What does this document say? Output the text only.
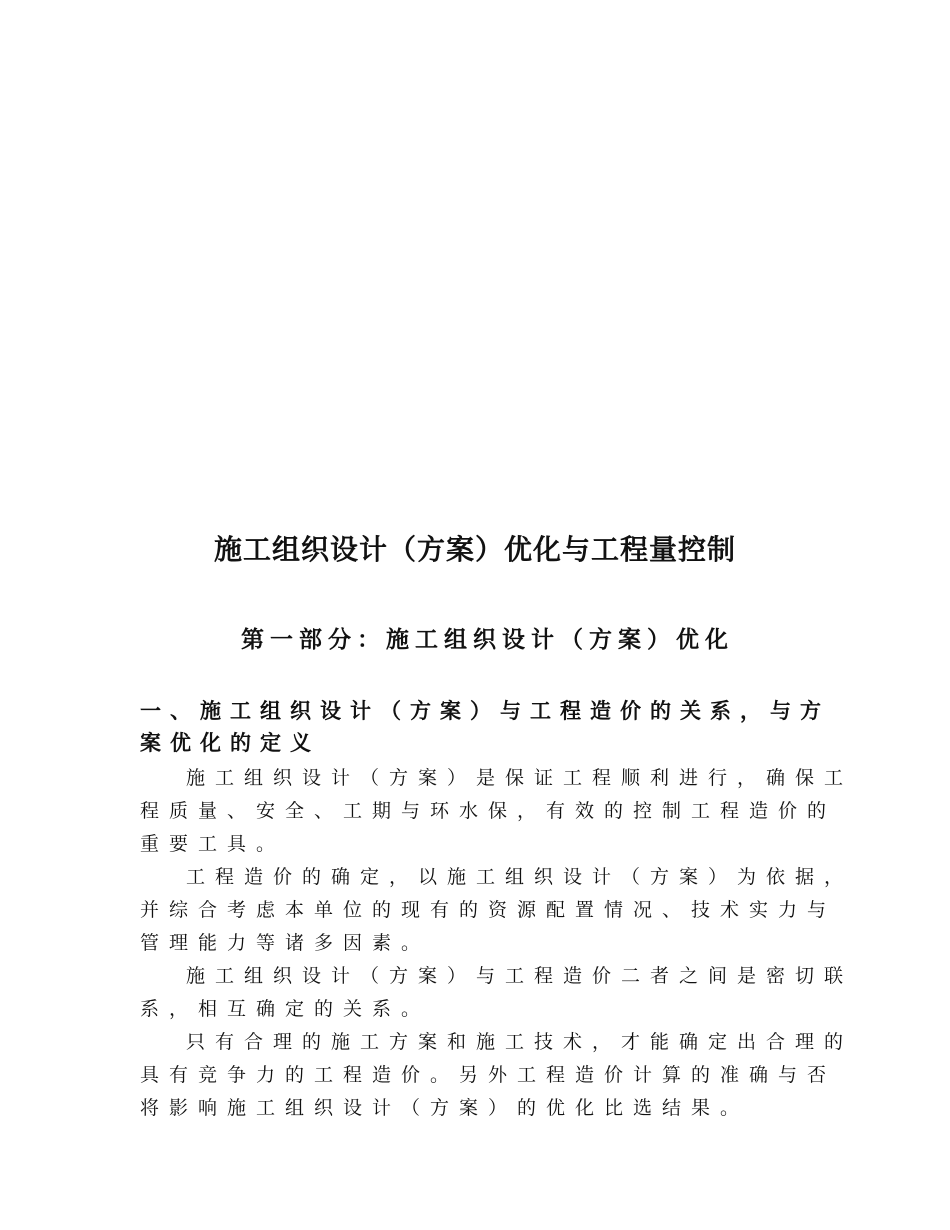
施工组织设计（方案）优化与工程量控制
第一部分：施工组织设计（方案）优化
一、施工组织设计（方案）与工程造价的关系，与方案优化的定义

施工组织设计（方案）是保证工程顺利进行，确保工程质量、安全、工期与环水保，有效的控制工程造价的重要工具。

工程造价的确定，以施工组织设计（方案）为依据，并综合考虑本单位的现有的资源配置情况、技术实力与管理能力等诸多因素。

施工组织设计（方案）与工程造价二者之间是密切联系，相互确定的关系。

只有合理的施工方案和施工技术，才能确定出合理的具有竞争力的工程造价。另外工程造价计算的准确与否将影响施工组织设计（方案）的优化比选结果。
